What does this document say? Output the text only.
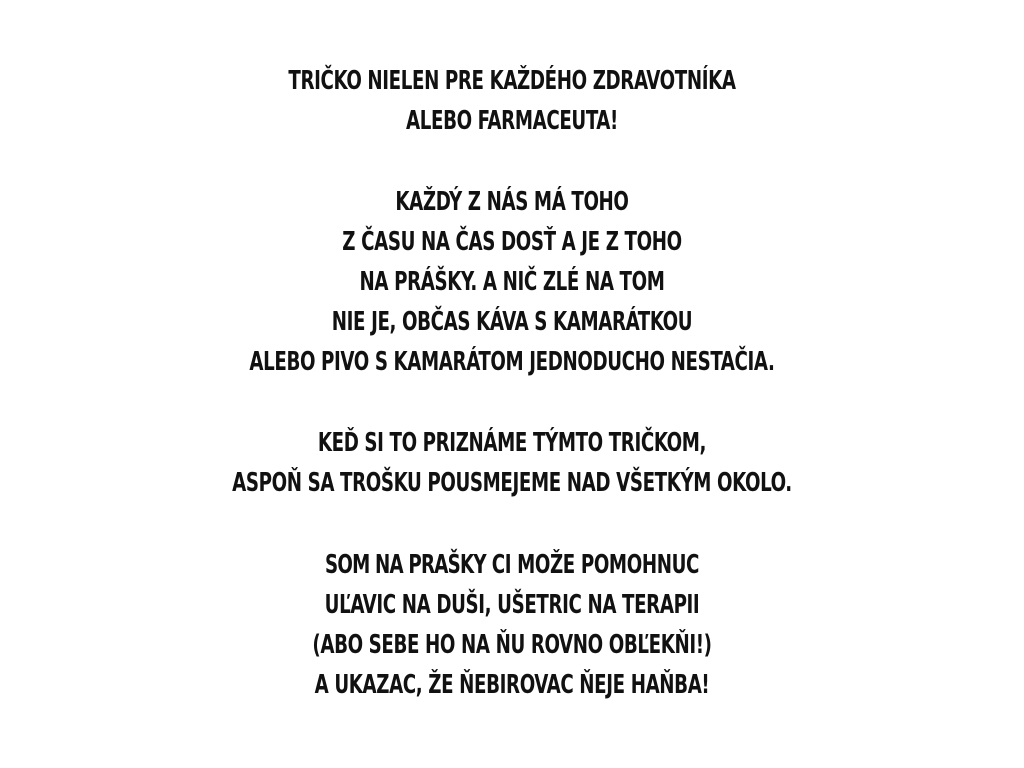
TRIČKO NIELEN PRE KAŽDÉHO ZDRAVOTNÍKA
ALEBO FARMACEUTA!
KAŽDÝ Z NÁS MÁ TOHO
Z ČASU NA ČAS DOSŤ A JE Z TOHO
NA PRÁŠKY. A NIČ ZLÉ NA TOM
NIE JE, OBČAS KÁVA S KAMARÁTKOU
ALEBO PIVO S KAMARÁTOM JEDNODUCHO NESTAČIA.
KEĎ SI TO PRIZNÁME TÝMTO TRIČKOM,
ASPOŇ SA TROŠKU POUSMEJEME NAD VŠETKÝM OKOLO.
SOM NA PRAŠKY CI MOŽE POMOHNUC
UĽAVIC NA DUŠI, UŠETRIC NA TERAPII
(ABO SEBE HO NA ŇU ROVNO OBĽEKŇI!)
A UKAZAC, ŽE ŇEBIROVAC ŇEJE HAŇBA!
